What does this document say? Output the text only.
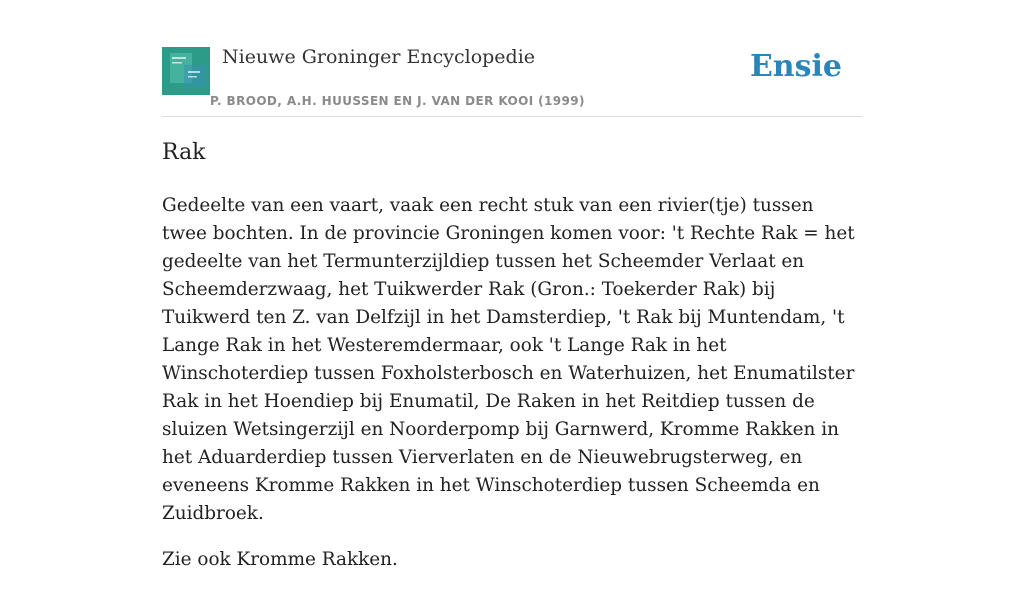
Nieuwe Groninger Encyclopedie
P. BROOD, A.H. HUUSSEN EN J. VAN DER KOOI (1999)
Ensie
Rak

Gedeelte van een vaart, vaak een recht stuk van een rivier(tje) tussen twee bochten. In de provincie Groningen komen voor: 't Rechte Rak = het gedeelte van het Termunterzijldiep tussen het Scheemder Verlaat en Scheemderzwaag, het Tuikwerder Rak (Gron.: Toekerder Rak) bij Tuikwerd ten Z. van Delfzijl in het Damsterdiep, 't Rak bij Muntendam, 't Lange Rak in het Westeremdermaar, ook 't Lange Rak in het Winschoterdiep tussen Foxholsterbosch en Waterhuizen, het Enumatilster Rak in het Hoendiep bij Enumatil, De Raken in het Reitdiep tussen de sluizen Wetsingerzijl en Noorderpomp bij Garnwerd, Kromme Rakken in het Aduarderdiep tussen Vierverlaten en de Nieuwebrugsterweg, en eveneens Kromme Rakken in het Winschoterdiep tussen Scheemda en Zuidbroek.

Zie ook Kromme Rakken.
